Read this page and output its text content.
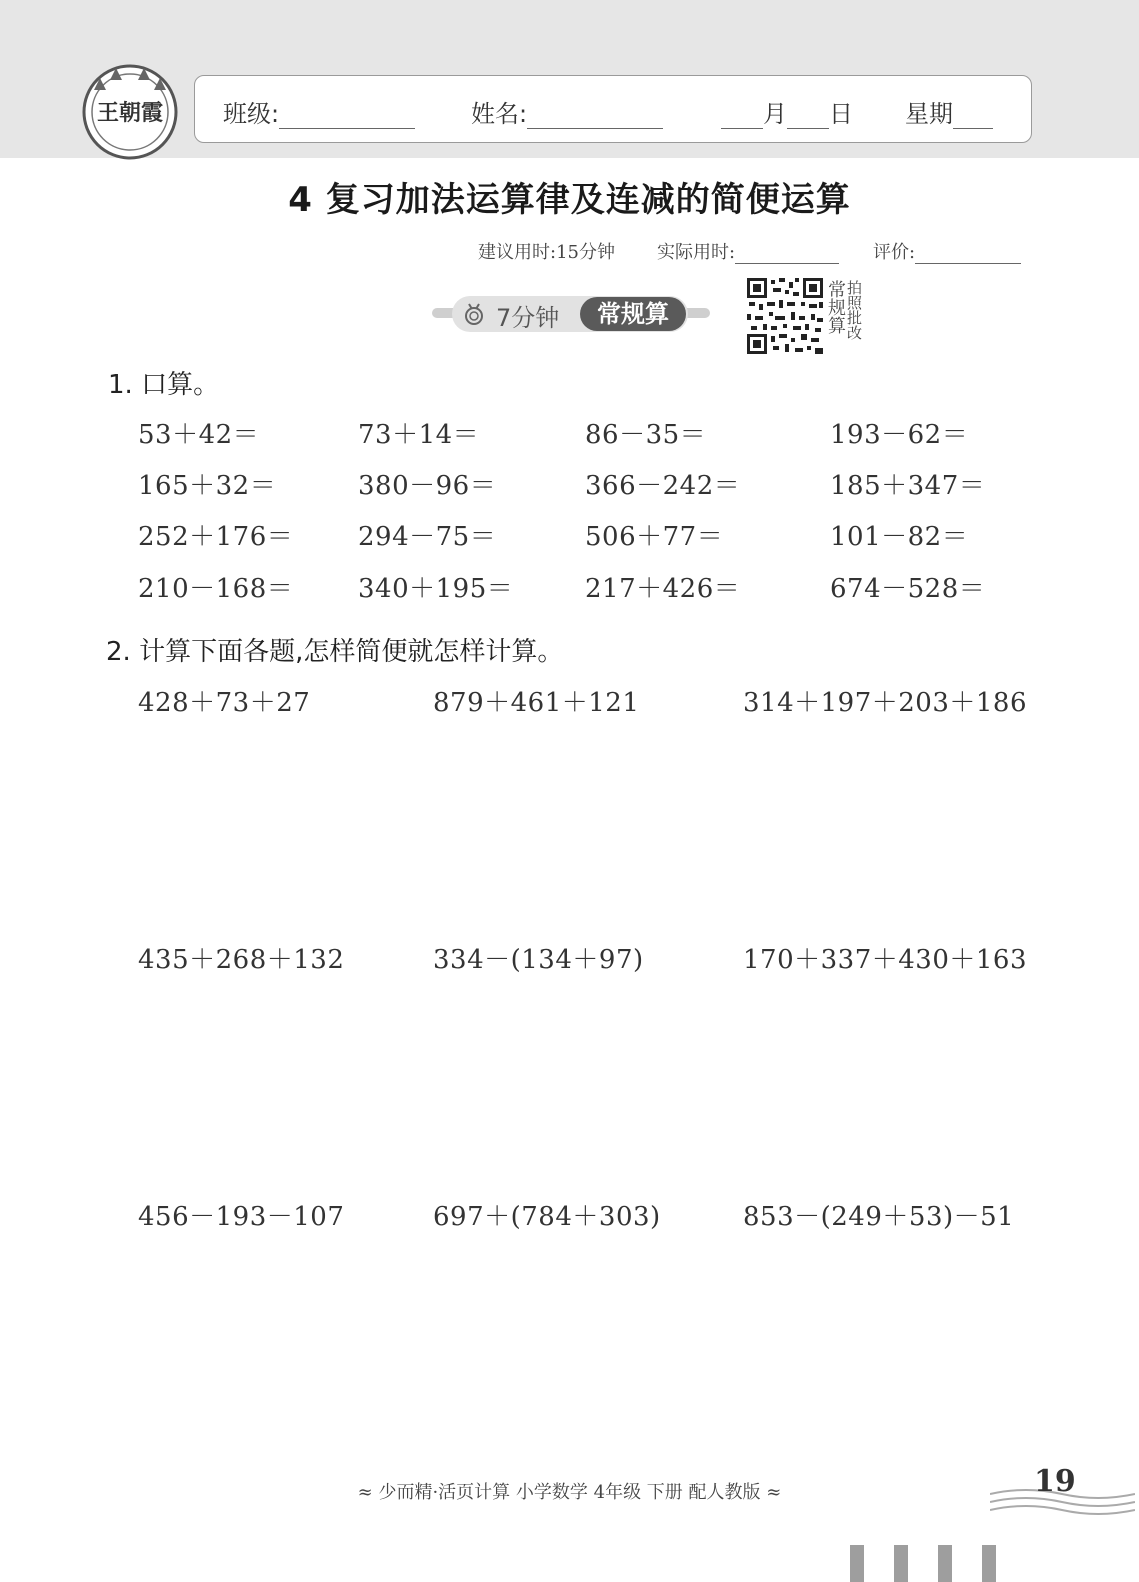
王朝霞 班级:	姓名:	月 日 星期
4 复习加法运算律及连减的简便运算
建议用时:15分钟 实际用时:	评价:
7分钟	常规算	常规算 拍照批改
1. 口算。
53＋42＝	73＋14＝	86－35＝	193－62＝
165＋32＝	380－96＝	366－242＝	185＋347＝
252＋176＝ 294－75＝	506＋77＝	101－82＝
210－168＝ 340＋195＝	217＋426＝	674－528＝
2. 计算下面各题,怎样简便就怎样计算。
428＋73＋27	879＋461＋121	314＋197＋203＋186
435＋268＋132	334－(134＋97)	170＋337＋430＋163
456－193－107	697＋(784＋303)	853－(249＋53)－51
≈ 少而精·活页计算 小学数学 4年级 下册 配人教版 ≈	19
